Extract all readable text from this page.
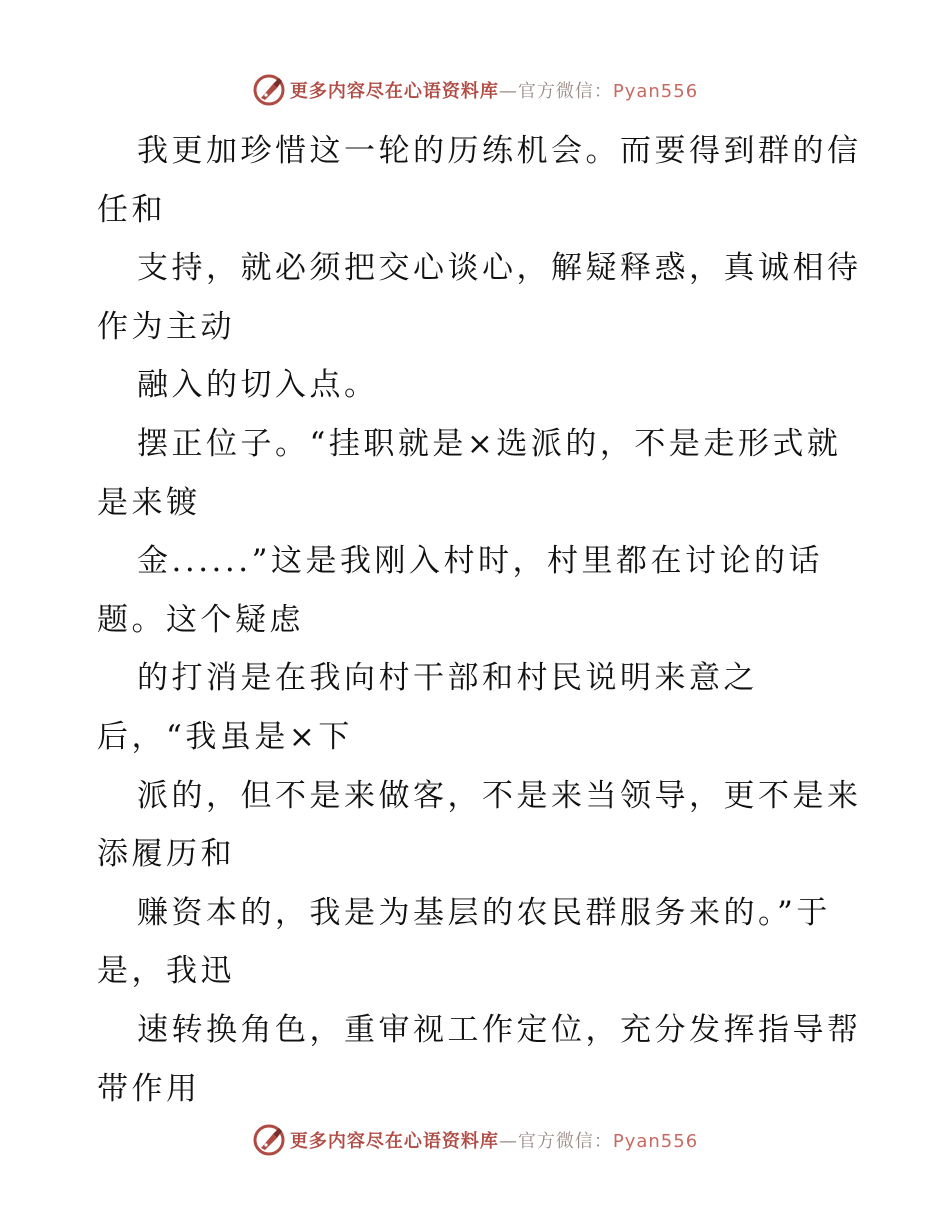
更多内容尽在心语资料库—官方微信：Pyan556
我更加珍惜这一轮的历练机会。而要得到群的信
任和
支持，就必须把交心谈心，解疑释惑，真诚相待
作为主动
融入的切入点。
摆正位子。“挂职就是×选派的，不是走形式就
是来镀
金......”这是我刚入村时，村里都在讨论的话
题。这个疑虑
的打消是在我向村干部和村民说明来意之
后，“我虽是×下
派的，但不是来做客，不是来当领导，更不是来
添履历和
赚资本的，我是为基层的农民群服务来的。”于
是，我迅
速转换角色，重审视工作定位，充分发挥指导帮
带作用
更多内容尽在心语资料库—官方微信：Pyan556
